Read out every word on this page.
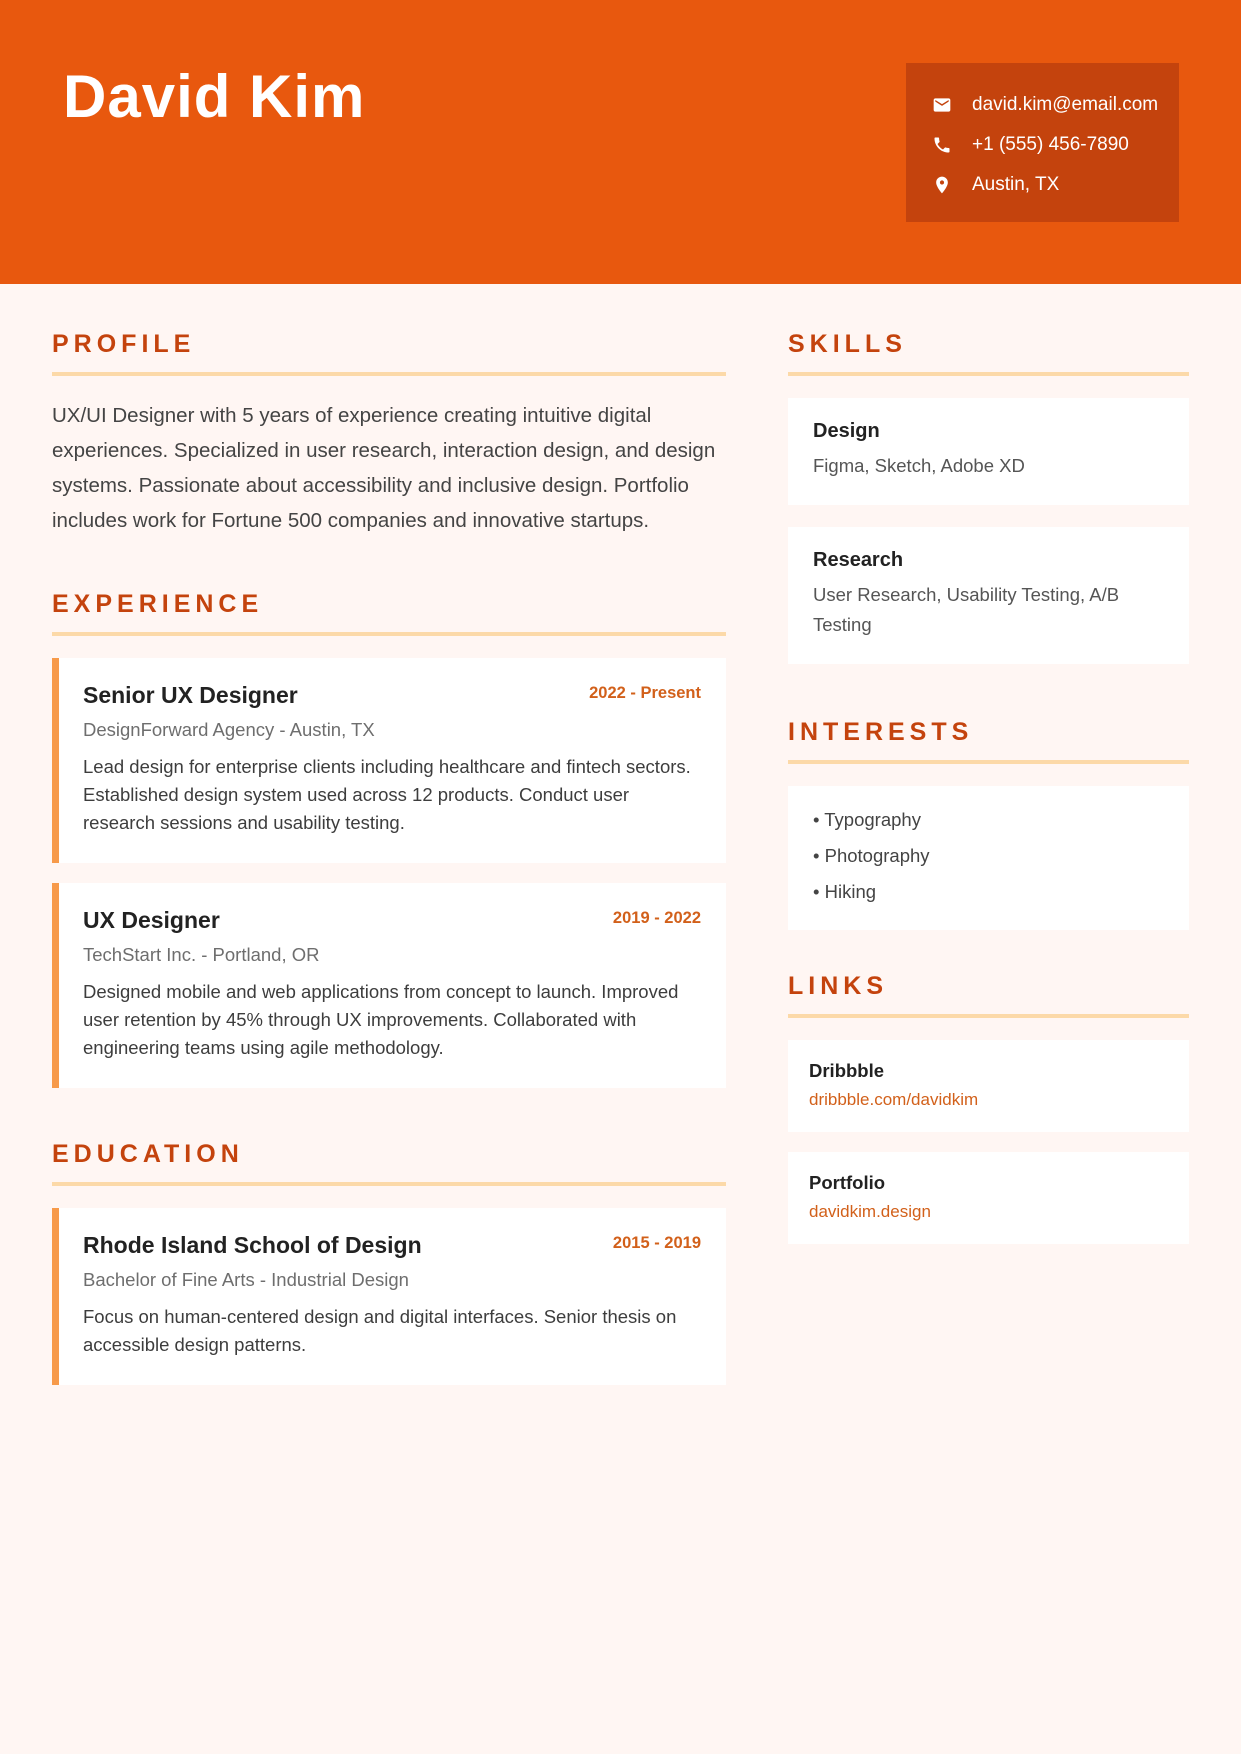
David Kim	david.kim@email.com
+1 (555) 456-7890
Austin, TX
PROFILE
UX/UI Designer with 5 years of experience creating intuitive digital experiences. Specialized in user research, interaction design, and design systems. Passionate about accessibility and inclusive design. Portfolio includes work for Fortune 500 companies and innovative startups.
EXPERIENCE
Senior UX Designer	2022 - Present
DesignForward Agency - Austin, TX
Lead design for enterprise clients including healthcare and fintech sectors. Established design system used across 12 products. Conduct user research sessions and usability testing.
UX Designer	2019 - 2022
TechStart Inc. - Portland, OR
Designed mobile and web applications from concept to launch. Improved user retention by 45% through UX improvements. Collaborated with engineering teams using agile methodology.
EDUCATION
Rhode Island School of Design	2015 - 2019
Bachelor of Fine Arts - Industrial Design
Focus on human-centered design and digital interfaces. Senior thesis on accessible design patterns.
SKILLS
Design
Figma, Sketch, Adobe XD
Research
User Research, Usability Testing, A/B Testing
INTERESTS
• Typography
• Photography
• Hiking
LINKS
Dribbble
dribbble.com/davidkim
Portfolio
davidkim.design
